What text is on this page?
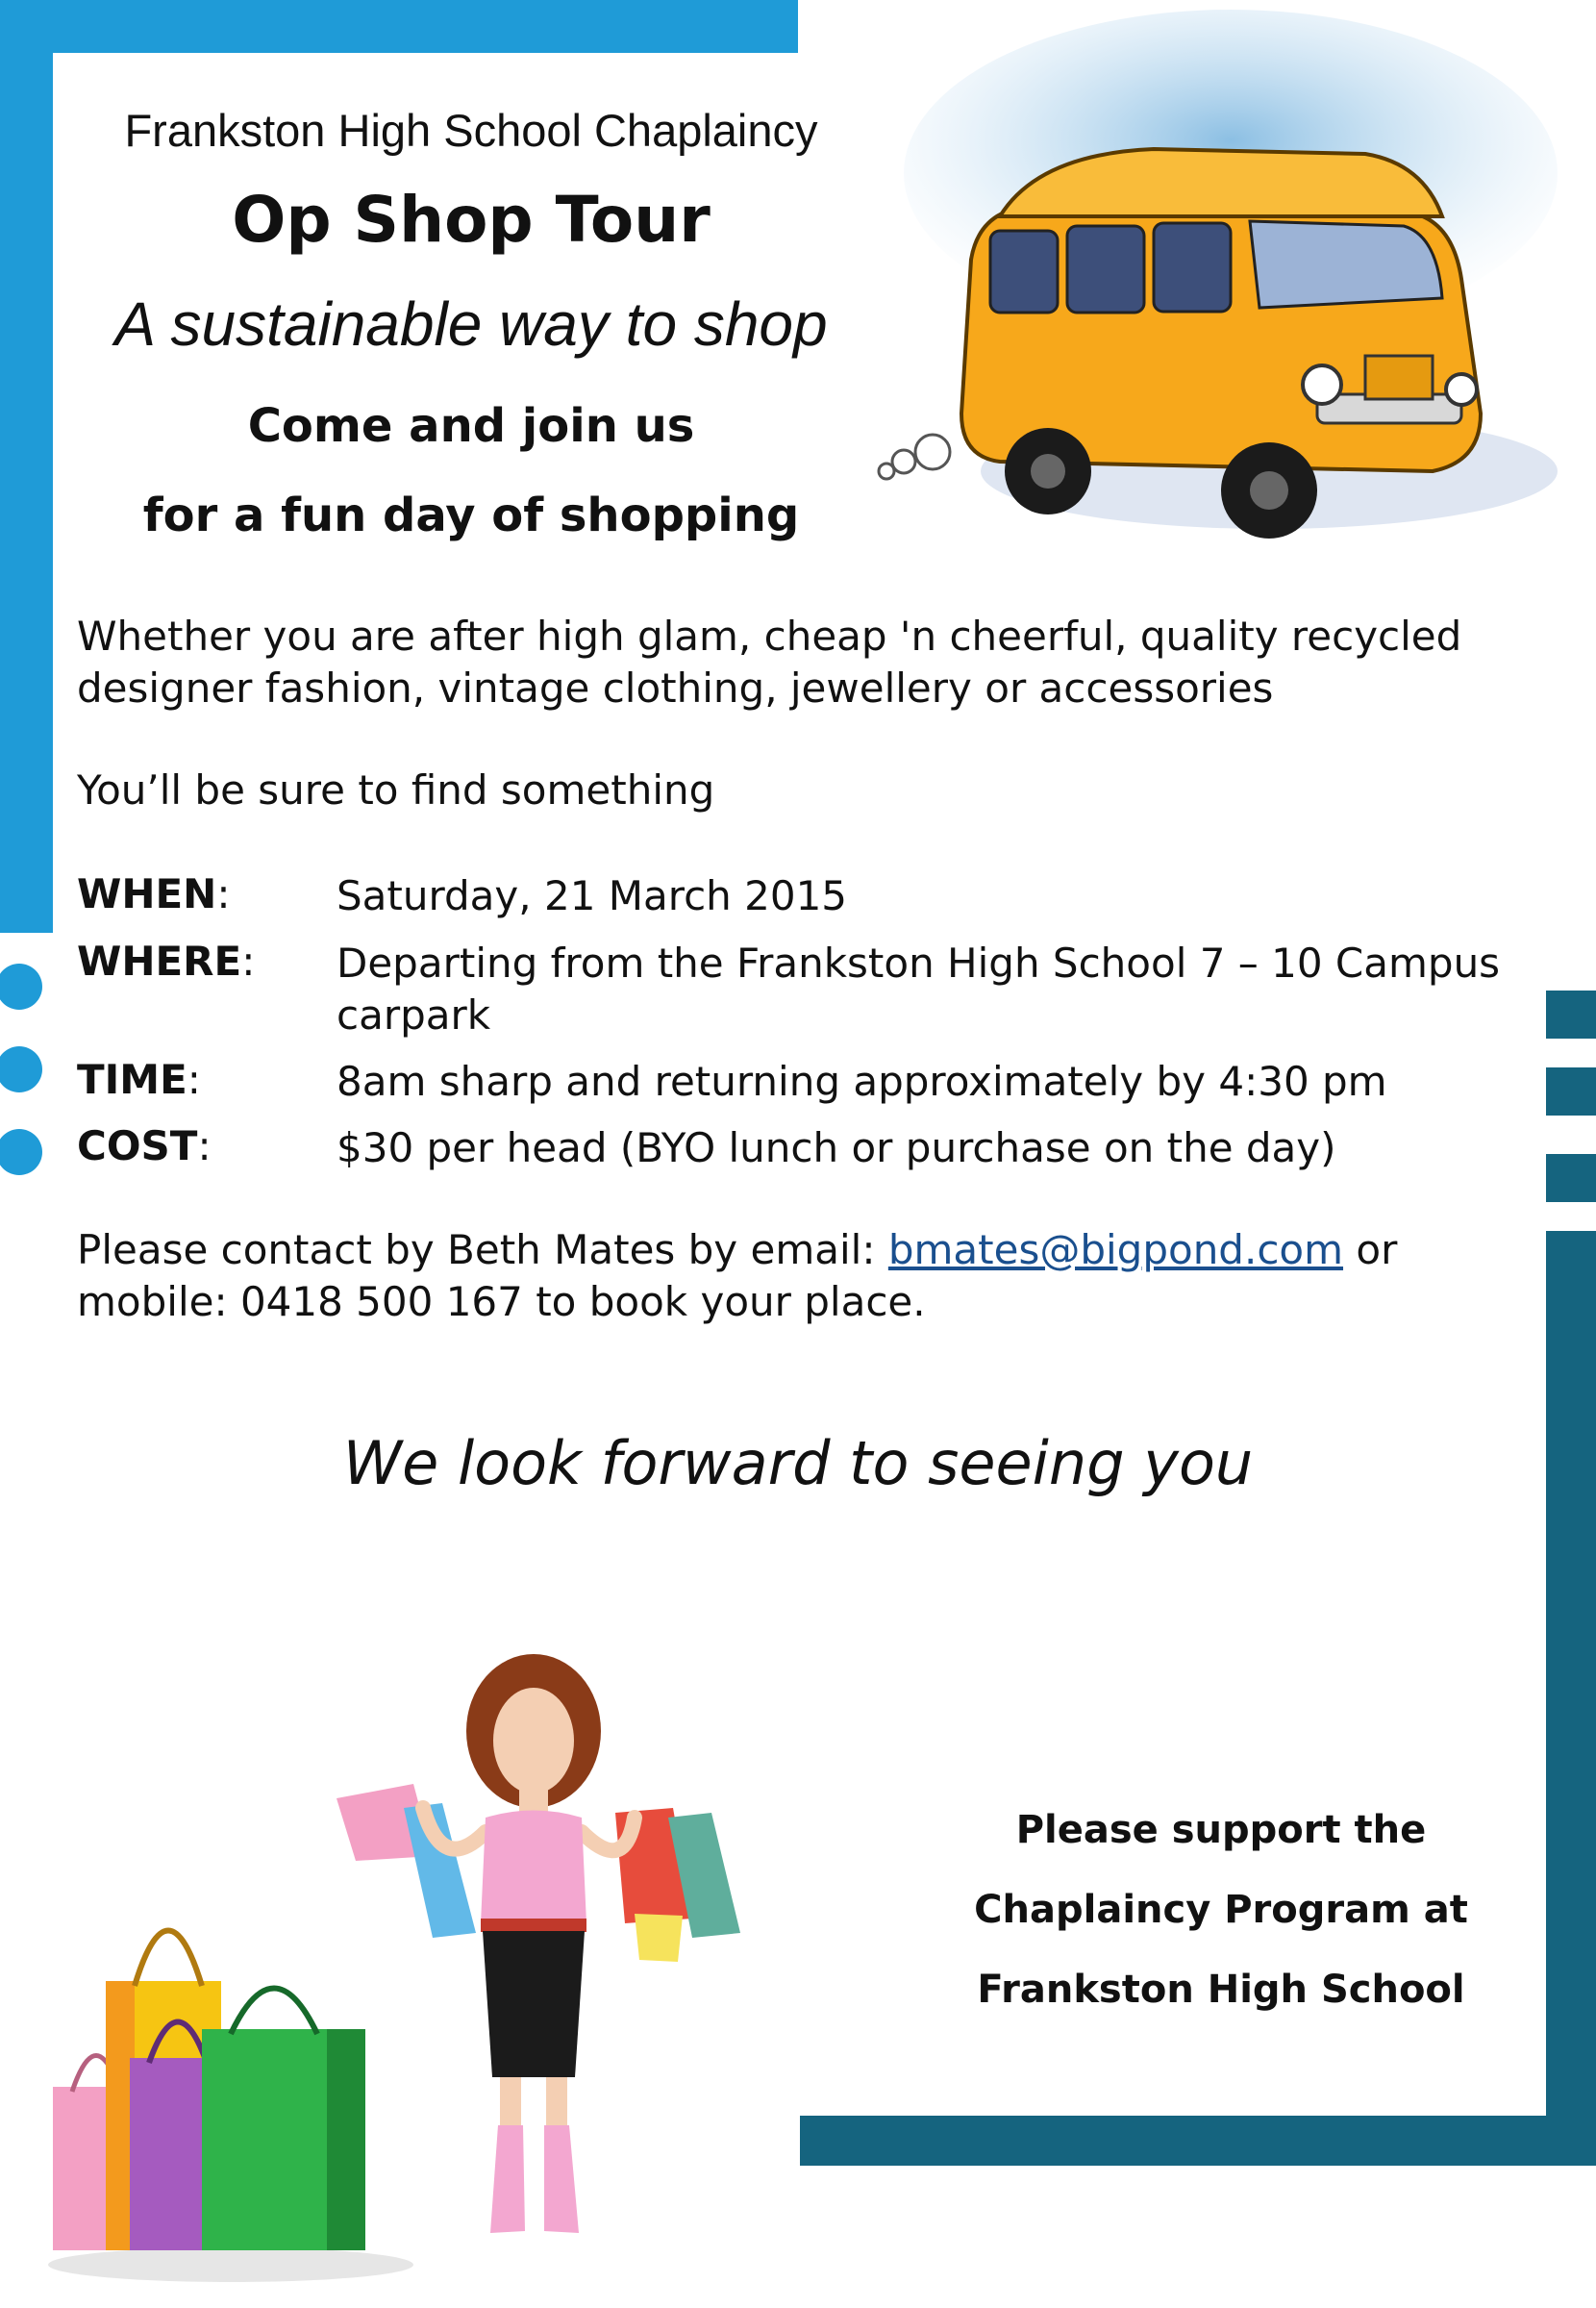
Frankston High School Chaplaincy
Op Shop Tour
A sustainable way to shop
Come and join us
for a fun day of shopping
Whether you are after high glam, cheap 'n cheerful, quality recycled
designer fashion, vintage clothing, jewellery or accessories
You’ll be sure to find something
WHEN:	Saturday, 21 March 2015
WHERE: Departing from the Frankston High School 7 – 10 Campus
carpark
TIME:	8am sharp and returning approximately by 4:30 pm
COST:	$30 per head (BYO lunch or purchase on the day)
Please contact by Beth Mates by email: bmates@bigpond.com or
mobile: 0418 500 167 to book your place.
We look forward to seeing you
Please support the
Chaplaincy Program at
Frankston High School
